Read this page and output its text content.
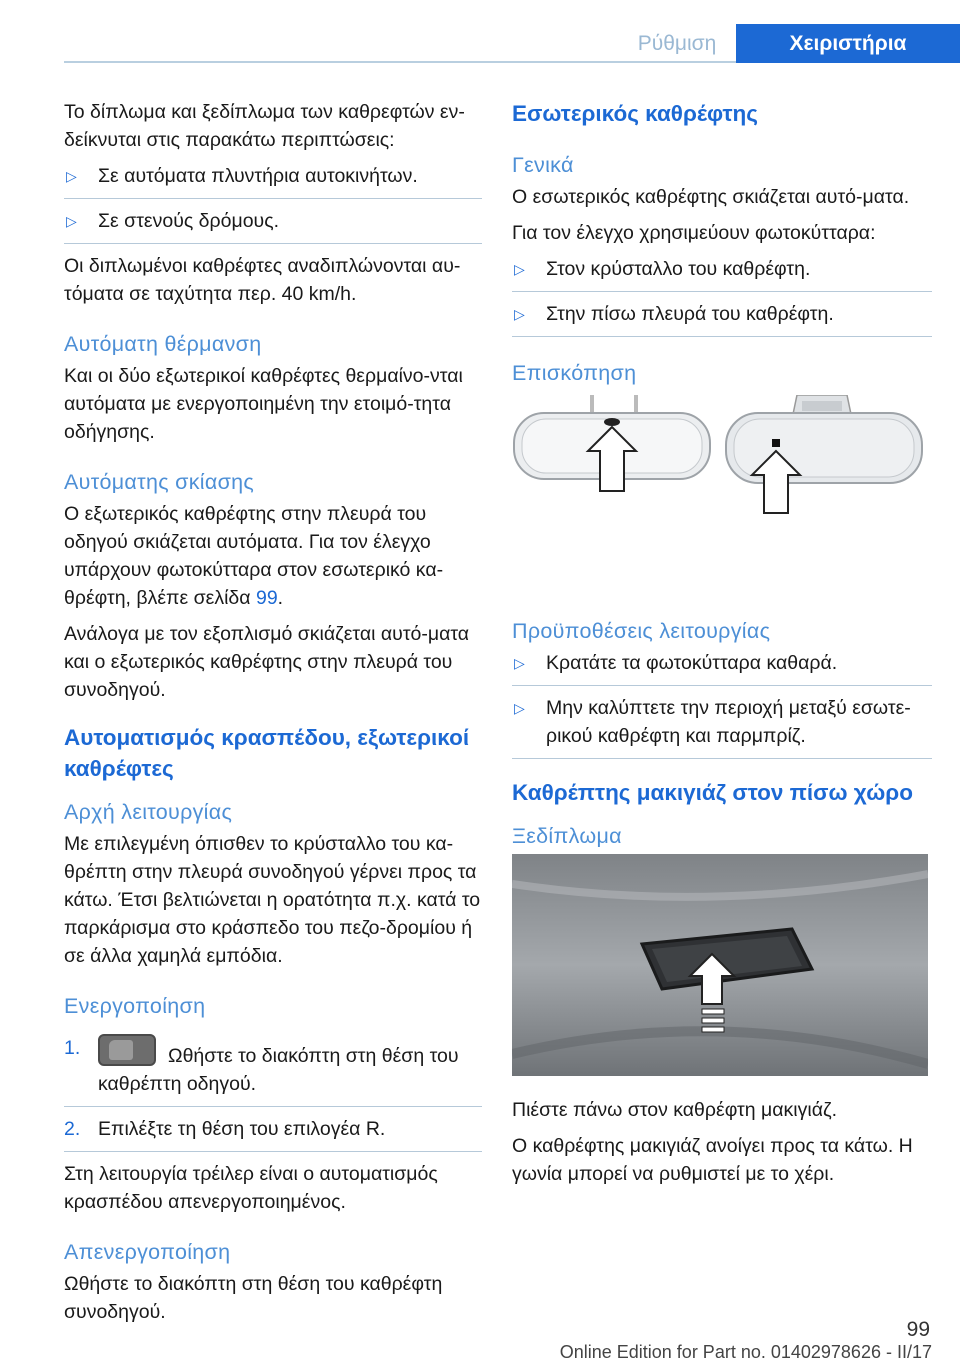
Ρύθμιση	Χειριστήρια

Το δίπλωμα και ξεδίπλωμα των καθρεφτών εν-δείκνυται στις παρακάτω περιπτώσεις:

▷ Σε αυτόματα πλυντήρια αυτοκινήτων.
▷ Σε στενούς δρόμους.

Οι διπλωμένοι καθρέφτες αναδιπλώνονται αυ-τόματα σε ταχύτητα περ. 40 km/h.

Αυτόματη θέρμανση

Και οι δύο εξωτερικοί καθρέφτες θερμαίνο-νται αυτόματα με ενεργοποιημένη την ετοιμό-τητα οδήγησης.

Αυτόματης σκίασης

Ο εξωτερικός καθρέφτης στην πλευρά του οδηγού σκιάζεται αυτόματα. Για τον έλεγχο υπάρχουν φωτοκύτταρα στον εσωτερικό κα-θρέφτη, βλέπε σελίδα 99.

Ανάλογα με τον εξοπλισμό σκιάζεται αυτό-ματα και ο εξωτερικός καθρέφτης στην πλευρά του συνοδηγού.

Αυτοματισμός κρασπέδου, εξωτερικοί καθρέφτες
Αρχή λειτουργίας

Με επιλεγμένη όπισθεν το κρύσταλλο του κα-θρέπτη στην πλευρά συνοδηγού γέρνει προς τα κάτω. Έτσι βελτιώνεται η ορατότητα π.χ. κατά το παρκάρισμα στο κράσπεδο του πεζο-δρομίου ή σε άλλα χαμηλά εμπόδια.

Ενεργοποίηση
1.	Ωθήστε το διακόπτη στη θέση του καθρέπτη οδηγού.
2. Επιλέξτε τη θέση του επιλογέα R.

Στη λειτουργία τρέιλερ είναι ο αυτοματισμός κρασπέδου απενεργοποιημένος.

Απενεργοποίηση

Ωθήστε το διακόπτη στη θέση του καθρέφτη συνοδηγού.

Εσωτερικός καθρέφτης
Γενικά

Ο εσωτερικός καθρέφτης σκιάζεται αυτό-ματα.

Για τον έλεγχο χρησιμεύουν φωτοκύτταρα:

▷ Στον κρύσταλλο του καθρέφτη.
▷ Στην πίσω πλευρά του καθρέφτη.
Επισκόπηση
Προϋποθέσεις λειτουργίας
▷ Κρατάτε τα φωτοκύτταρα καθαρά.
▷ Μην καλύπτετε την περιοχή μεταξύ εσωτε-ρικού καθρέφτη και παρμπρίζ.
Καθρέπτης μακιγιάζ στον πίσω χώρο
Ξεδίπλωμα

Πιέστε πάνω στον καθρέφτη μακιγιάζ.

Ο καθρέφτης μακιγιάζ ανοίγει προς τα κάτω. Η γωνία μπορεί να ρυθμιστεί με το χέρι.

99
Online Edition for Part no. 01402978626 - II/17
